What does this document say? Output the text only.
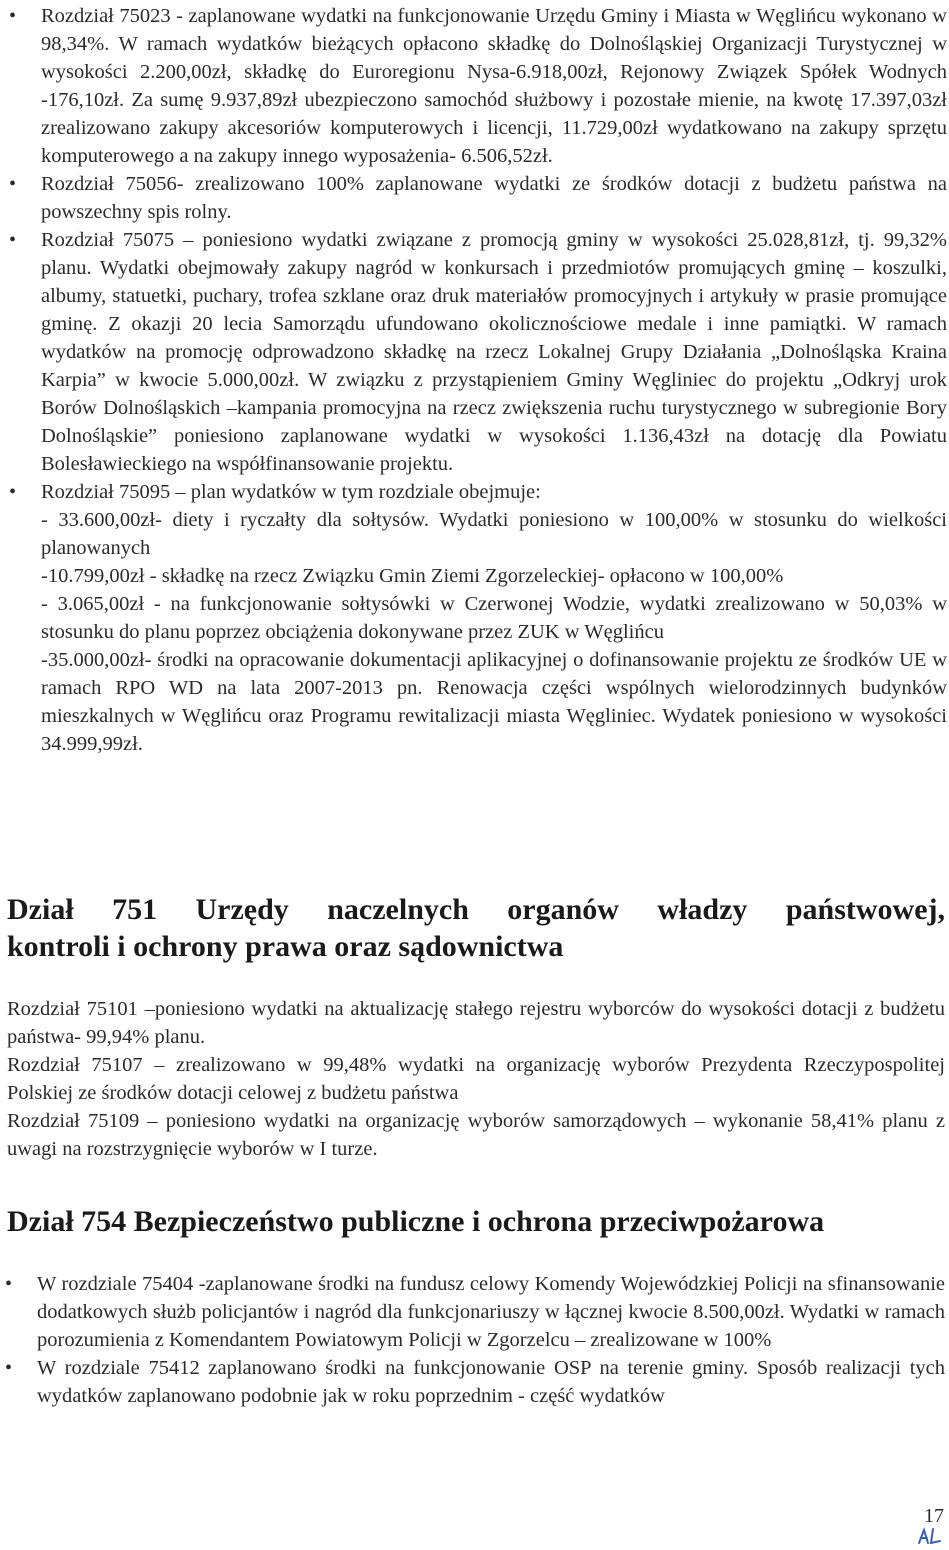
•
Rozdział 75023 - zaplanowane wydatki na funkcjonowanie Urzędu Gminy i Miasta w Węglińcu wykonano w 98,34%. W ramach wydatków bieżących opłacono składkę do Dolnośląskiej Organizacji Turystycznej w wysokości 2.200,00zł, składkę do Euroregionu Nysa-6.918,00zł, Rejonowy Związek Spółek Wodnych -176,10zł. Za sumę 9.937,89zł ubezpieczono samochód służbowy i pozostałe mienie, na kwotę 17.397,03zł zrealizowano zakupy akcesoriów komputerowych i licencji, 11.729,00zł wydatkowano na zakupy sprzętu komputerowego a na zakupy innego wyposażenia- 6.506,52zł.
•
Rozdział 75056- zrealizowano 100% zaplanowane wydatki ze środków dotacji z budżetu państwa na powszechny spis rolny.
•
Rozdział 75075 – poniesiono wydatki związane z promocją gminy w wysokości 25.028,81zł, tj. 99,32% planu. Wydatki obejmowały zakupy nagród w konkursach i przedmiotów promujących gminę – koszulki, albumy, statuetki, puchary, trofea szklane oraz druk materiałów promocyjnych i artykuły w prasie promujące gminę. Z okazji 20 lecia Samorządu ufundowano okolicznościowe medale i inne pamiątki. W ramach wydatków na promocję odprowadzono składkę na rzecz Lokalnej Grupy Działania „Dolnośląska Kraina Karpia” w kwocie 5.000,00zł. W związku z przystąpieniem Gminy Węgliniec do projektu „Odkryj urok Borów Dolnośląskich –kampania promocyjna na rzecz zwiększenia ruchu turystycznego w subregionie Bory Dolnośląskie” poniesiono zaplanowane wydatki w wysokości 1.136,43zł na dotację dla Powiatu Bolesławieckiego na współfinansowanie projektu.
•
Rozdział 75095 – plan wydatków w tym rozdziale obejmuje:
- 33.600,00zł- diety i ryczałty dla sołtysów. Wydatki poniesiono w 100,00% w stosunku do wielkości planowanych
-10.799,00zł - składkę na rzecz Związku Gmin Ziemi Zgorzeleckiej- opłacono w 100,00%
- 3.065,00zł - na funkcjonowanie sołtysówki w Czerwonej Wodzie, wydatki zrealizowano w 50,03% w stosunku do planu poprzez obciążenia dokonywane przez ZUK w Węglińcu
-35.000,00zł- środki na opracowanie dokumentacji aplikacyjnej o dofinansowanie projektu ze środków UE w ramach RPO WD na lata 2007-2013 pn. Renowacja części wspólnych wielorodzinnych budynków mieszkalnych w Węglińcu oraz Programu rewitalizacji miasta Węgliniec. Wydatek poniesiono w wysokości 34.999,99zł.
Dział 751 Urzędy naczelnych organów władzy państwowej,
kontroli i ochrony prawa oraz sądownictwa

Rozdział 75101 –poniesiono wydatki na aktualizację stałego rejestru wyborców do wysokości dotacji z budżetu państwa- 99,94% planu.

Rozdział 75107 – zrealizowano w 99,48% wydatki na organizację wyborów Prezydenta Rzeczypospolitej Polskiej ze środków dotacji celowej z budżetu państwa

Rozdział 75109 – poniesiono wydatki na organizację wyborów samorządowych – wykonanie 58,41% planu z uwagi na rozstrzygnięcie wyborów w I turze.

Dział 754 Bezpieczeństwo publiczne i ochrona przeciwpożarowa
•
W rozdziale 75404 -zaplanowane środki na fundusz celowy Komendy Wojewódzkiej Policji na sfinansowanie dodatkowych służb policjantów i nagród dla funkcjonariuszy w łącznej kwocie 8.500,00zł. Wydatki w ramach porozumienia z Komendantem Powiatowym Policji w Zgorzelcu – zrealizowane w 100%
•
W rozdziale 75412 zaplanowano środki na funkcjonowanie OSP na terenie gminy. Sposób realizacji tych wydatków zaplanowano podobnie jak w roku poprzednim - część wydatków
17
